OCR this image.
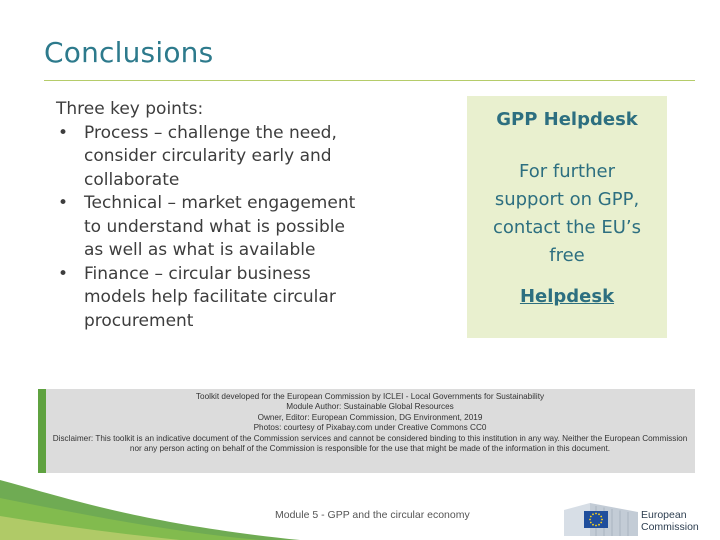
Conclusions

Three key points:

• Process – challenge the need, consider circularity early and collaborate
• Technical – market engagement to understand what is possible as well as what is available
• Finance – circular business models help facilitate circular procurement
GPP Helpdesk
For further support on GPP, contact the EU’s free
Helpdesk
Toolkit developed for the European Commission by ICLEI - Local Governments for Sustainability
Module Author: Sustainable Global Resources
Owner, Editor: European Commission, DG Environment, 2019
Photos: courtesy of Pixabay.com under Creative Commons CC0
Disclaimer: This toolkit is an indicative document of the Commission services and cannot be considered binding to this institution in any way. Neither the European Commission nor any person acting on behalf of the Commission is responsible for the use that might be made of the information in this document.
Module 5 - GPP and the circular economy	European
Commission
